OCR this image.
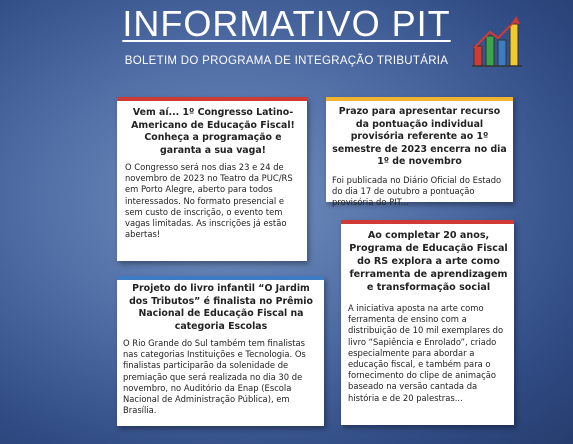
INFORMATIVO PIT
BOLETIM DO PROGRAMA DE INTEGRAÇÃO TRIBUTÁRIA
Vem aí... 1º Congresso Latino-Americano de Educação Fiscal! Conheça a programação e garanta a sua vaga!

O Congresso será nos dias 23 e 24 de novembro de 2023 no Teatro da PUC/RS em Porto Alegre, aberto para todos interessados. No formato presencial e sem custo de inscrição, o evento tem vagas limitadas. As inscrições já estão abertas!

Prazo para apresentar recurso da pontuação individual provisória referente ao 1º semestre de 2023 encerra no dia 1º de novembro

Foi publicada no Diário Oficial do Estado do dia 17 de outubro a pontuação provisória do PIT...

Projeto do livro infantil “O Jardim dos Tributos” é finalista no Prêmio Nacional de Educação Fiscal na categoria Escolas

O Rio Grande do Sul também tem finalistas nas categorias Instituições e Tecnologia. Os finalistas participarão da solenidade de premiação que será realizada no dia 30 de novembro, no Auditório da Enap (Escola Nacional de Administração Pública), em Brasília.

Ao completar 20 anos, Programa de Educação Fiscal do RS explora a arte como ferramenta de aprendizagem e transformação social

A iniciativa aposta na arte como ferramenta de ensino com a distribuição de 10 mil exemplares do livro “Sapiência e Enrolado”, criado especialmente para abordar a educação fiscal, e também para o fornecimento do clipe de animação baseado na versão cantada da história e de 20 palestras...
